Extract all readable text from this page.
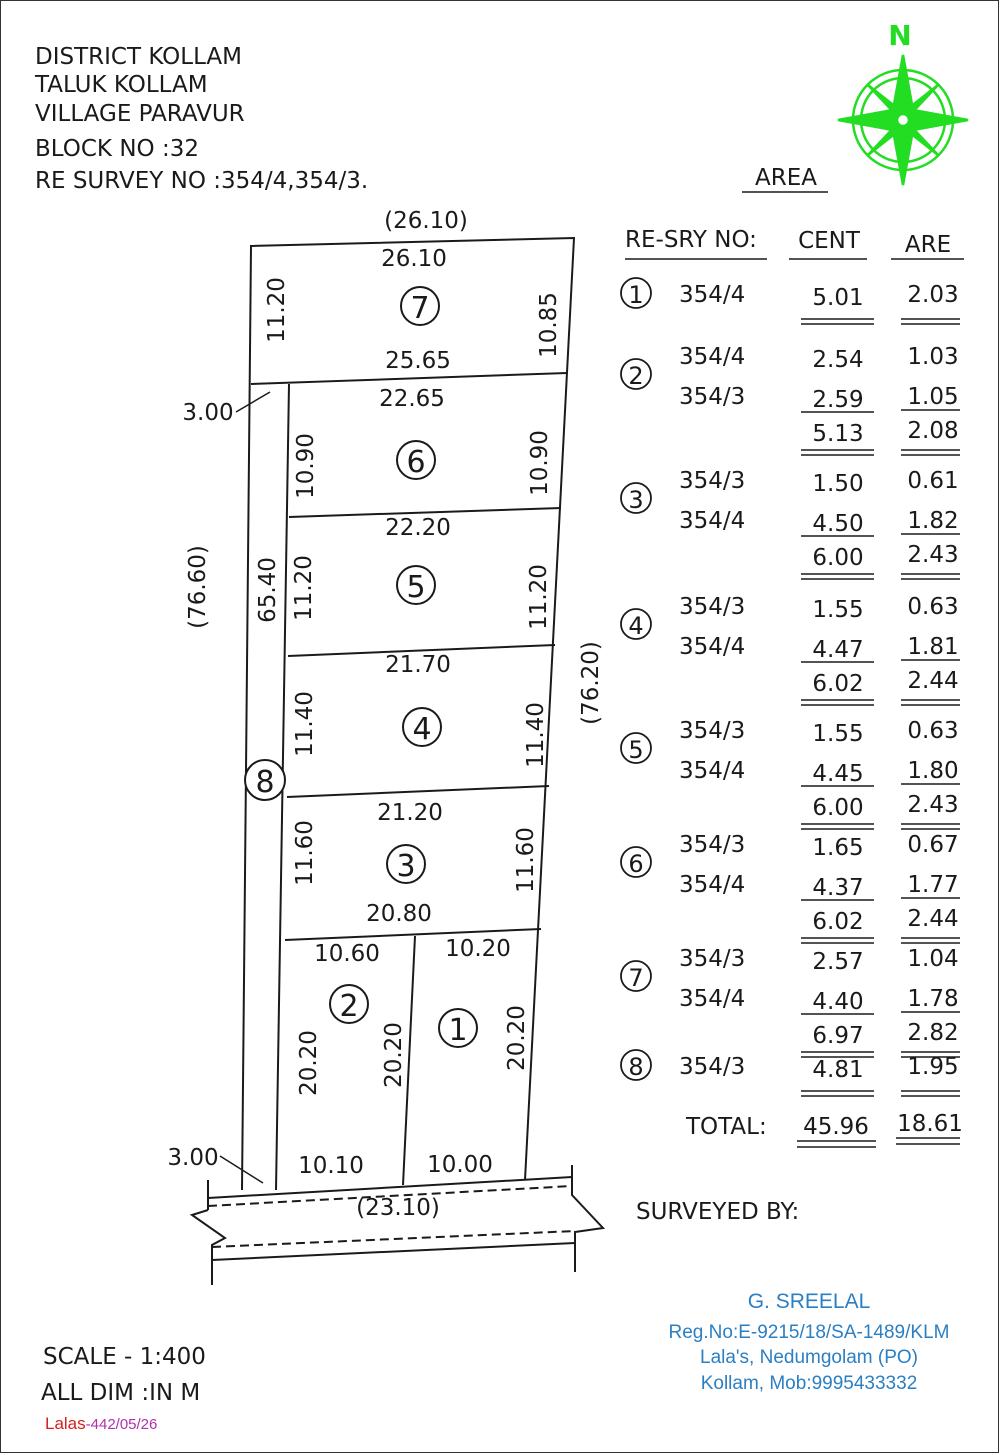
DISTRICT KOLLAM
TALUK KOLLAM
VILLAGE PARAVUR
BLOCK NO :32
RE SURVEY NO :354/4,354/3.
N
(26.10)
(76.60)
(76.20)
(23.10)
3.00
3.00
65.40
26.10
25.65
11.20	10.85
7
22.65
10.90	10.90
6
22.20
11.20	11.20
5
21.70
11.40	11.40
4
8
21.20
20.80
11.60	11.60
3
10.60
10.10
20.20	20.20
2
10.20
10.00
20.20
1
AREA
RE-SRY NO: CENT ARE
1 354/4	5.01 2.03
2
354/4	2.54 1.03
354/3	2.59 1.05
5.13 2.08
3
354/3	1.50 0.61
354/4	4.50 1.82
6.00 2.43
4
354/3	1.55 0.63
354/4	4.47 1.81
6.02 2.44
5
354/3	1.55 0.63
354/4	4.45 1.80
6.00 2.43
6
354/3	1.65 0.67
354/4	4.37 1.77
6.02 2.44
7
354/3	2.57 1.04
354/4	4.40 1.78
6.97 2.82
8 354/3	4.81 1.95
TOTAL: 45.96 18.61
SURVEYED BY:
G. SREELAL
Reg.No:E-9215/18/SA-1489/KLM
Lala's, Nedumgolam (PO)
Kollam, Mob:9995433332
SCALE - 1:400
ALL DIM :IN M
Lalas-442/05/26
